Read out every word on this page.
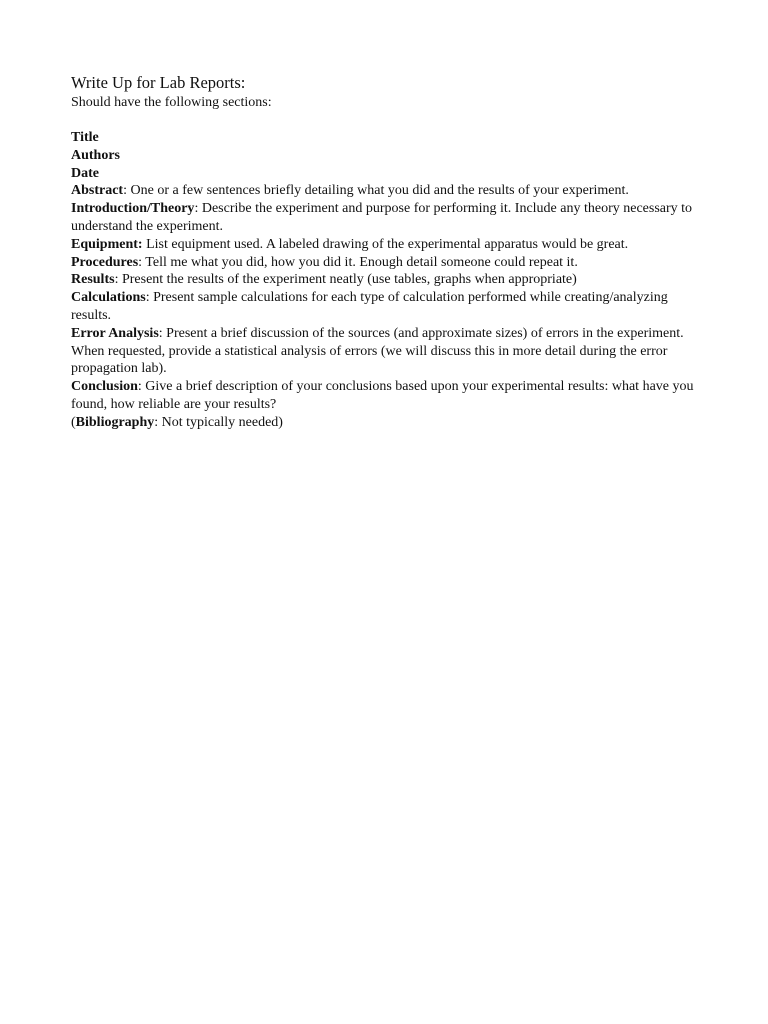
Write Up for Lab Reports:

Should have the following sections:

Title

Authors

Date

Abstract: One or a few sentences briefly detailing what you did and the results of your experiment.

Introduction/Theory: Describe the experiment and purpose for performing it. Include any theory necessary to understand the experiment.

Equipment: List equipment used. A labeled drawing of the experimental apparatus would be great.

Procedures: Tell me what you did, how you did it. Enough detail someone could repeat it.

Results: Present the results of the experiment neatly (use tables, graphs when appropriate)

Calculations: Present sample calculations for each type of calculation performed while creating/analyzing results.

Error Analysis: Present a brief discussion of the sources (and approximate sizes) of errors in the experiment. When requested, provide a statistical analysis of errors (we will discuss this in more detail during the error propagation lab).

Conclusion: Give a brief description of your conclusions based upon your experimental results: what have you found, how reliable are your results?

(Bibliography: Not typically needed)
